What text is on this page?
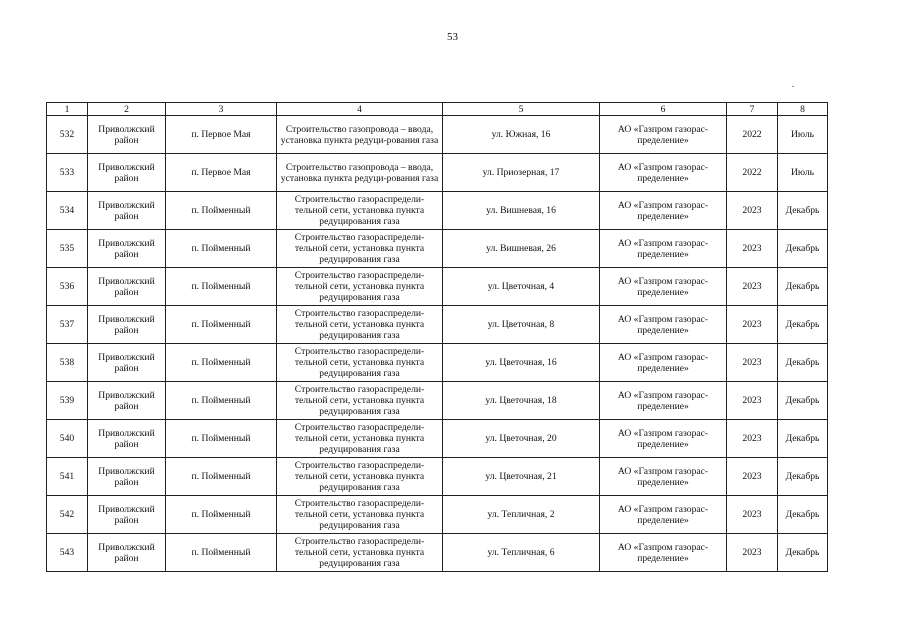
53
1	2	3	4	5	6	7	8
532	Приволжский район	п. Первое Мая	Строительство газопровода – ввода, установка пункта редуци-рования газа	ул. Южная, 16	АО «Газпром газорас-пределение»	2022	Июль
533	Приволжский район	п. Первое Мая	Строительство газопровода – ввода, установка пункта редуци-рования газа	ул. Приозерная, 17	АО «Газпром газорас-пределение»	2022	Июль
534	Приволжский район	п. Пойменный	Строительство газораспредели-тельной сети, установка пункта редуцирования газа	ул. Вишневая, 16	АО «Газпром газорас-пределение»	2023	Декабрь
535	Приволжский район	п. Пойменный	Строительство газораспредели-тельной сети, установка пункта редуцирования газа	ул. Вишневая, 26	АО «Газпром газорас-пределение»	2023	Декабрь
536	Приволжский район	п. Пойменный	Строительство газораспредели-тельной сети, установка пункта редуцирования газа	ул. Цветочная, 4	АО «Газпром газорас-пределение»	2023	Декабрь
537	Приволжский район	п. Пойменный	Строительство газораспредели-тельной сети, установка пункта редуцирования газа	ул. Цветочная, 8	АО «Газпром газорас-пределение»	2023	Декабрь
538	Приволжский район	п. Пойменный	Строительство газораспредели-тельной сети, установка пункта редуцирования газа	ул. Цветочная, 16	АО «Газпром газорас-пределение»	2023	Декабрь
539	Приволжский район	п. Пойменный	Строительство газораспредели-тельной сети, установка пункта редуцирования газа	ул. Цветочная, 18	АО «Газпром газорас-пределение»	2023	Декабрь
540	Приволжский район	п. Пойменный	Строительство газораспредели-тельной сети, установка пункта редуцирования газа	ул. Цветочная, 20	АО «Газпром газорас-пределение»	2023	Декабрь
541	Приволжский район	п. Пойменный	Строительство газораспредели-тельной сети, установка пункта редуцирования газа	ул. Цветочная, 21	АО «Газпром газорас-пределение»	2023	Декабрь
542	Приволжский район	п. Пойменный	Строительство газораспредели-тельной сети, установка пункта редуцирования газа	ул. Тепличная, 2	АО «Газпром газорас-пределение»	2023	Декабрь
543	Приволжский район	п. Пойменный	Строительство газораспредели-тельной сети, установка пункта редуцирования газа	ул. Тепличная, 6	АО «Газпром газорас-пределение»	2023	Декабрь
